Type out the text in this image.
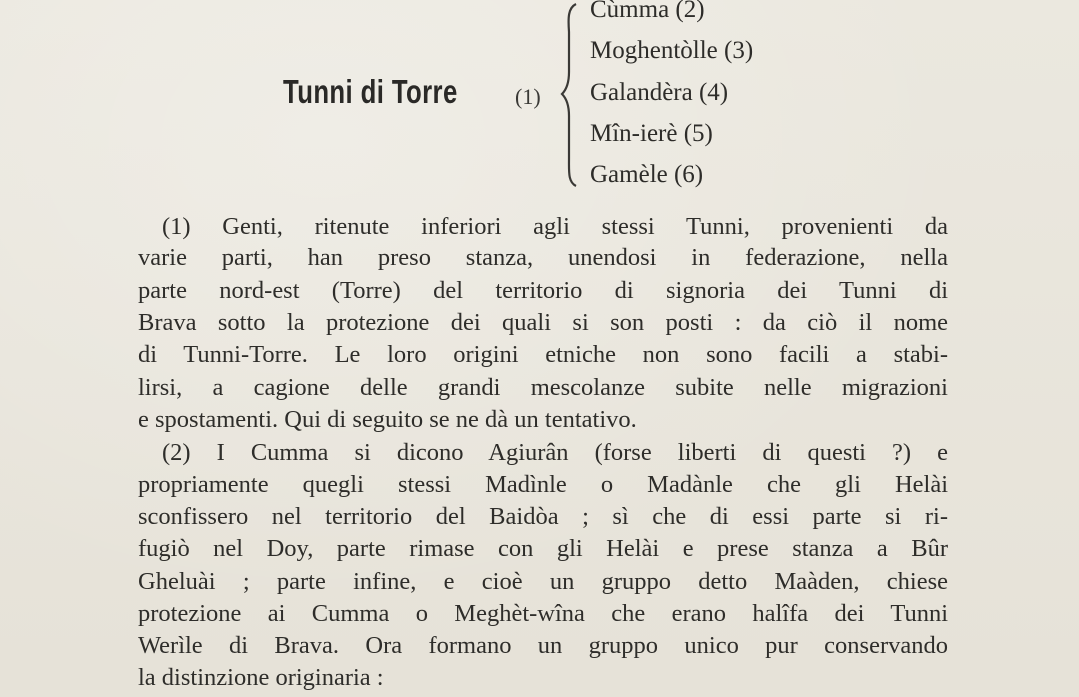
Tunni di Torre	(1)
Cùmma (2)
Moghentòlle (3)
Galandèra (4)
Mîn-ierè (5)
Gamèle (6)
(1) Genti, ritenute inferiori agli stessi Tunni, provenienti da
varie parti, han preso stanza, unendosi in federazione, nella
parte nord-est (Torre) del territorio di signoria dei Tunni di
Brava sotto la protezione dei quali si son posti : da ciò il nome
di Tunni-Torre. Le loro origini etniche non sono facili a stabi-
lirsi, a cagione delle grandi mescolanze subite nelle migrazioni
e spostamenti. Qui di seguito se ne dà un tentativo.
(2) I Cumma si dicono Agiurân (forse liberti di questi ?) e
propriamente quegli stessi Madìnle o Madànle che gli Helài
sconfissero nel territorio del Baidòa ; sì che di essi parte si ri-
fugiò nel Doy, parte rimase con gli Helài e prese stanza a Bûr
Gheluài ; parte infine, e cioè un gruppo detto Maàden, chiese
protezione ai Cumma o Meghèt-wîna che erano halîfa dei Tunni
Werìle di Brava. Ora formano un gruppo unico pur conservando
la distinzione originaria :
